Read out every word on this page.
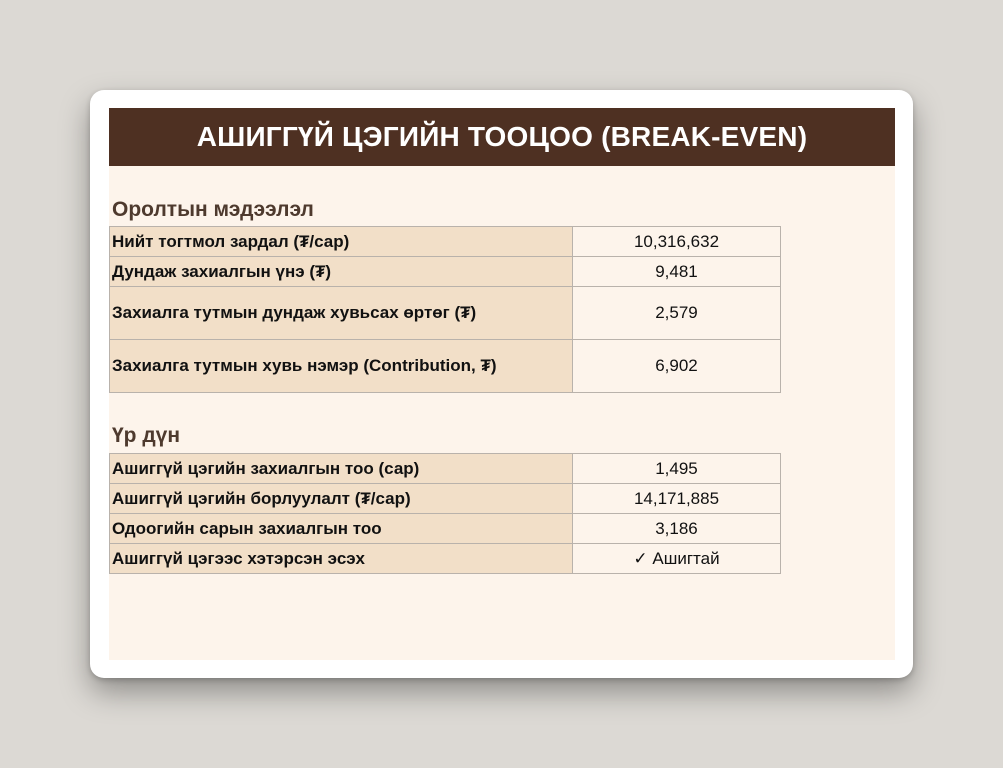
АШИГГҮЙ ЦЭГИЙН ТООЦОО (BREAK-EVEN)
Оролтын мэдээлэл
Нийт тогтмол зардал (₮/сар)	10,316,632
Дундаж захиалгын үнэ (₮)	9,481
Захиалга тутмын дундаж хувьсах өртөг (₮)	2,579
Захиалга тутмын хувь нэмэр (Contribution, ₮)	6,902
Үр дүн
Ашиггүй цэгийн захиалгын тоо (сар)	1,495
Ашиггүй цэгийн борлуулалт (₮/сар)	14,171,885
Одоогийн сарын захиалгын тоо	3,186
Ашиггүй цэгээс хэтэрсэн эсэх	✓ Ашигтай
